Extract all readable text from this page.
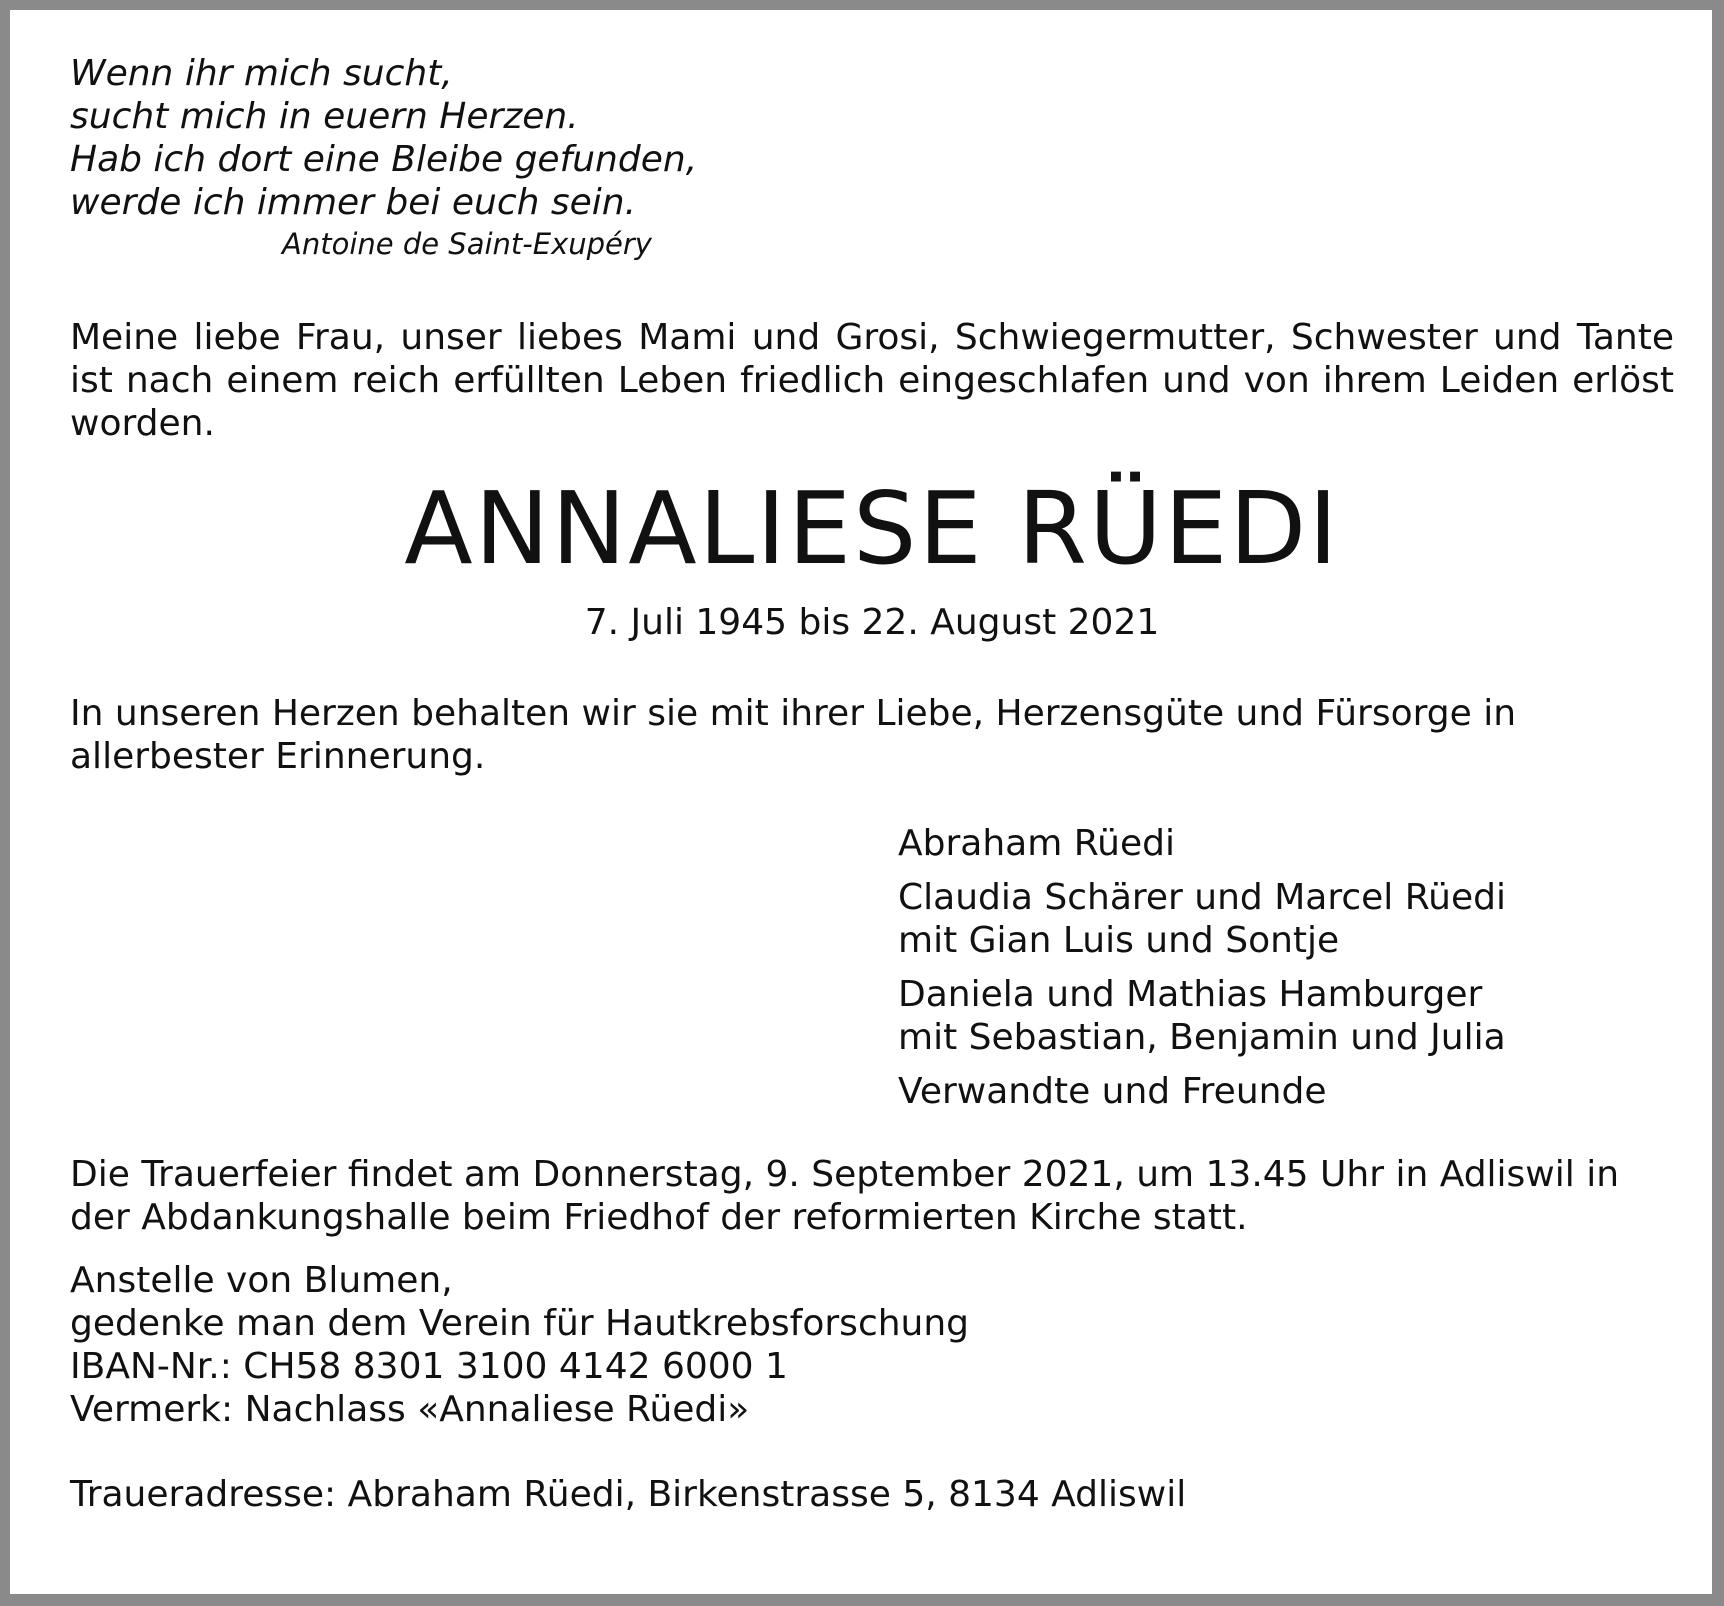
Wenn ihr mich sucht,

sucht mich in euern Herzen.

Hab ich dort eine Bleibe gefunden,

werde ich immer bei euch sein.

Antoine de Saint-Exupéry

Meine liebe Frau, unser liebes Mami und Grosi, Schwiegermutter, Schwester und Tante ist nach einem reich erfüllten Leben friedlich eingeschlafen und von ihrem Leiden erlöst worden.

ANNALIESE RÜEDI

7. Juli 1945 bis 22. August 2021

In unseren Herzen behalten wir sie mit ihrer Liebe, Herzensgüte und Fürsorge in allerbester Erinnerung.

Abraham Rüedi
Claudia Schärer und Marcel Rüedi
mit Gian Luis und Sontje
Daniela und Mathias Hamburger
mit Sebastian, Benjamin und Julia
Verwandte und Freunde

Die Trauerfeier findet am Donnerstag, 9. September 2021, um 13.45 Uhr in Adliswil in der Abdankungshalle beim Friedhof der reformierten Kirche statt.

Anstelle von Blumen,
gedenke man dem Verein für Hautkrebsforschung
IBAN-Nr.: CH58 8301 3100 4142 6000 1
Vermerk: Nachlass «Annaliese Rüedi»
Traueradresse: Abraham Rüedi, Birkenstrasse 5, 8134 Adliswil
